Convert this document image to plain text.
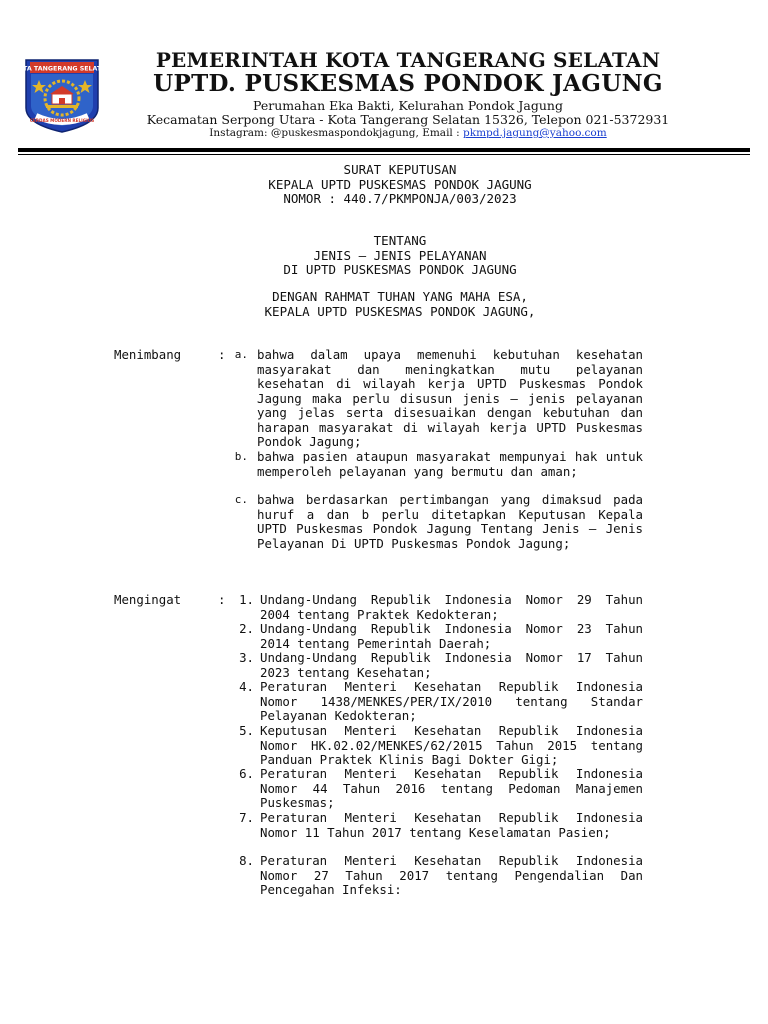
KOTA TANGERANG SELATAN
CERDAS MODERN RELIGIUS
PEMERINTAH KOTA TANGERANG SELATAN
UPTD. PUSKESMAS PONDOK JAGUNG
Perumahan Eka Bakti, Kelurahan Pondok Jagung
Kecamatan Serpong Utara - Kota Tangerang Selatan 15326, Telepon 021-5372931
Instagram: @puskesmaspondokjagung, Email : pkmpd.jagung@yahoo.com
SURAT KEPUTUSAN
KEPALA UPTD PUSKESMAS PONDOK JAGUNG
NOMOR : 440.7/PKMPONJA/003/2023
TENTANG
JENIS – JENIS PELAYANAN
DI UPTD PUSKESMAS PONDOK JAGUNG
DENGAN RAHMAT TUHAN YANG MAHA ESA,
KEPALA UPTD PUSKESMAS PONDOK JAGUNG,
Menimbang	: a. bahwa dalam upaya memenuhi kebutuhan kesehatan masyarakat dan meningkatkan mutu pelayanan kesehatan di wilayah kerja UPTD Puskesmas Pondok Jagung maka perlu disusun jenis – jenis pelayanan yang jelas serta disesuaikan dengan kebutuhan dan harapan masyarakat di wilayah kerja UPTD Puskesmas Pondok Jagung;
b. bahwa pasien ataupun masyarakat mempunyai hak untuk memperoleh pelayanan yang bermutu dan aman;
c. bahwa berdasarkan pertimbangan yang dimaksud pada huruf a dan b perlu ditetapkan Keputusan Kepala UPTD Puskesmas Pondok Jagung Tentang Jenis – Jenis Pelayanan Di UPTD Puskesmas Pondok Jagung;
Mengingat	:	1. Undang-Undang Republik Indonesia Nomor 29 Tahun 2004 tentang Praktek Kedokteran;
2. Undang-Undang Republik Indonesia Nomor 23 Tahun 2014 tentang Pemerintah Daerah;
3. Undang-Undang Republik Indonesia Nomor 17 Tahun 2023 tentang Kesehatan;
4. Peraturan Menteri Kesehatan Republik Indonesia Nomor 1438/MENKES/PER/IX/2010 tentang Standar Pelayanan Kedokteran;
5. Keputusan Menteri Kesehatan Republik Indonesia Nomor HK.02.02/MENKES/62/2015 Tahun 2015 tentang Panduan Praktek Klinis Bagi Dokter Gigi;
6. Peraturan Menteri Kesehatan Republik Indonesia Nomor 44 Tahun 2016 tentang Pedoman Manajemen Puskesmas;
7. Peraturan Menteri Kesehatan Republik Indonesia Nomor 11 Tahun 2017 tentang Keselamatan Pasien;
8. Peraturan Menteri Kesehatan Republik Indonesia Nomor 27 Tahun 2017 tentang Pengendalian Dan Pencegahan Infeksi:
